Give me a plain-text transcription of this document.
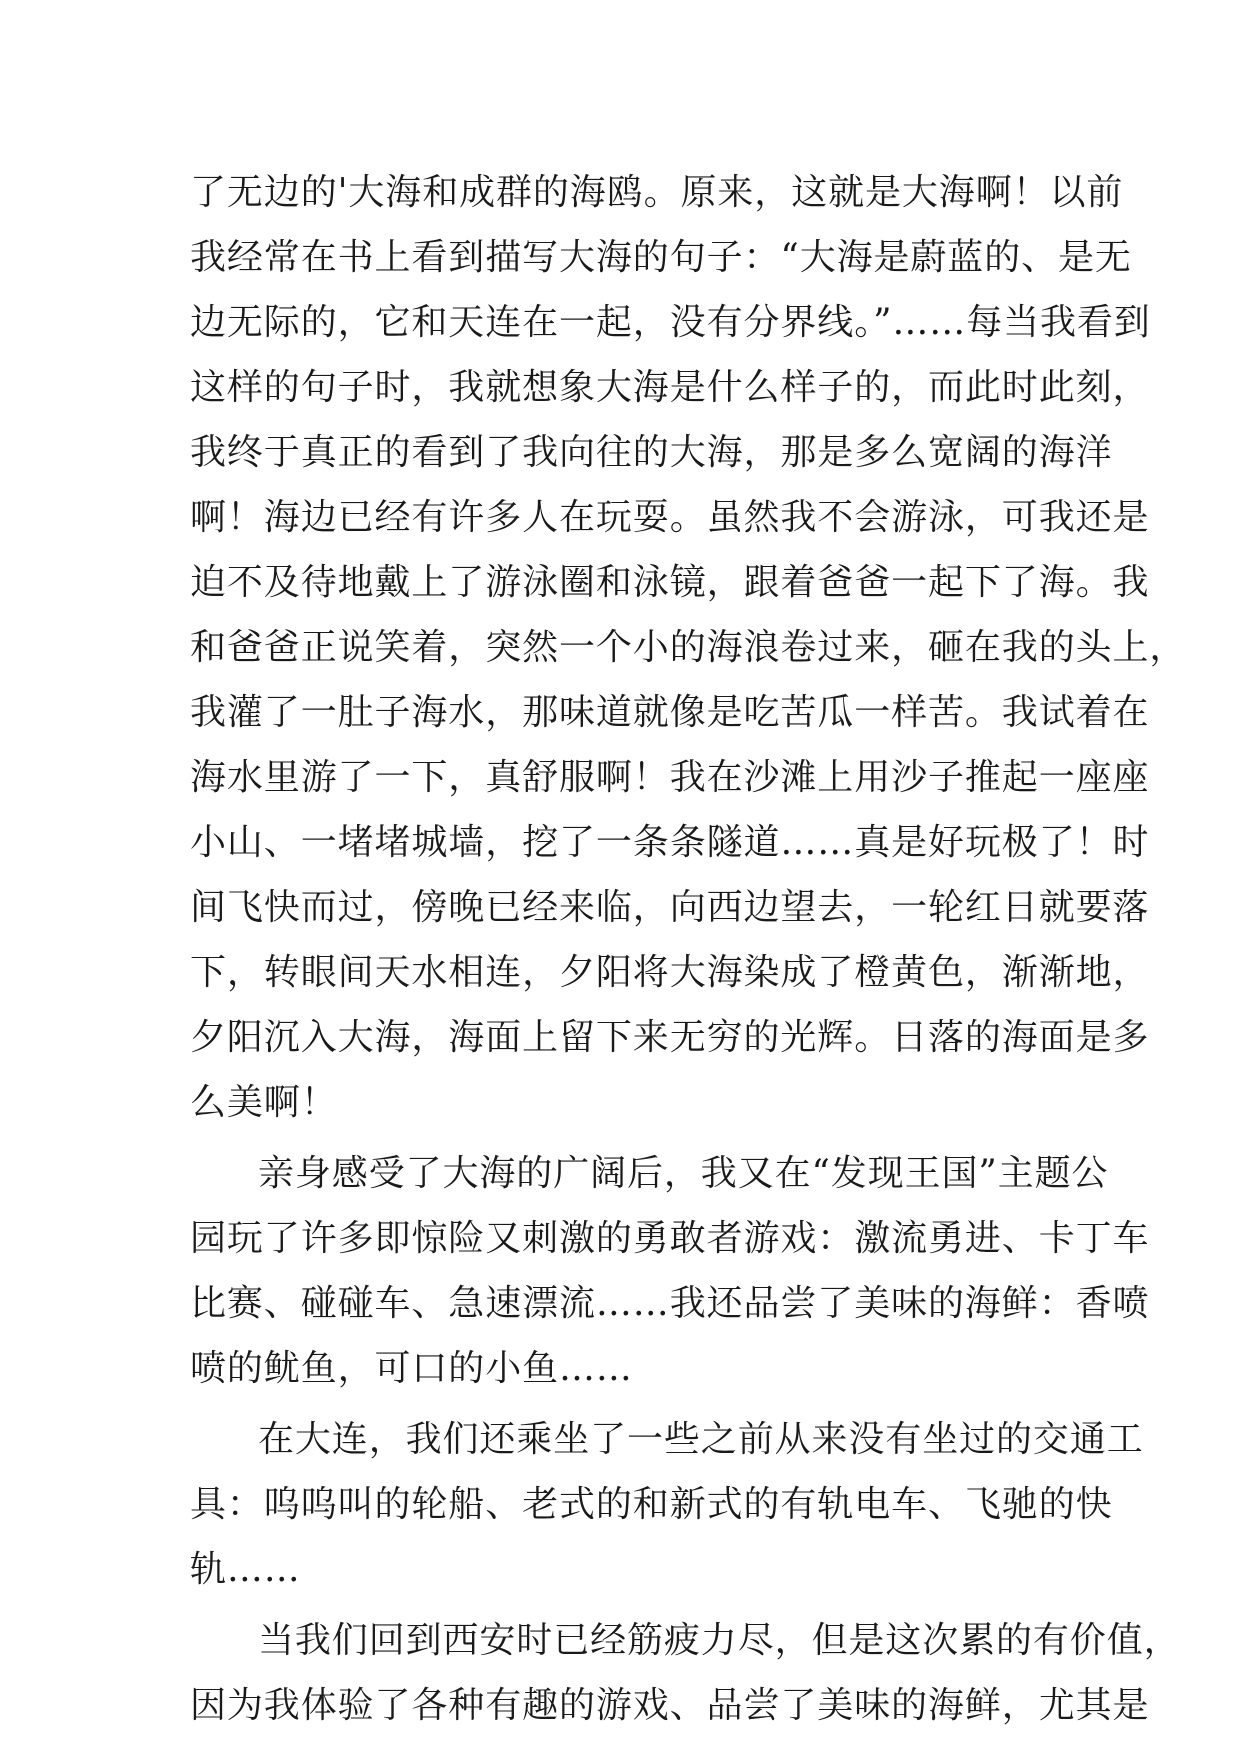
了无边的'大海和成群的海鸥。原来，这就是大海啊！以前
我经常在书上看到描写大海的句子：“大海是蔚蓝的、是无
边无际的，它和天连在一起，没有分界线。”……每当我看到
这样的句子时，我就想象大海是什么样子的，而此时此刻，
我终于真正的看到了我向往的大海，那是多么宽阔的海洋
啊！海边已经有许多人在玩耍。虽然我不会游泳，可我还是
迫不及待地戴上了游泳圈和泳镜，跟着爸爸一起下了海。我
和爸爸正说笑着，突然一个小的海浪卷过来，砸在我的头上，
我灌了一肚子海水，那味道就像是吃苦瓜一样苦。我试着在
海水里游了一下，真舒服啊！我在沙滩上用沙子推起一座座
小山、一堵堵城墙，挖了一条条隧道……真是好玩极了！时
间飞快而过，傍晚已经来临，向西边望去，一轮红日就要落
下，转眼间天水相连，夕阳将大海染成了橙黄色，渐渐地，
夕阳沉入大海，海面上留下来无穷的光辉。日落的海面是多
么美啊！
亲身感受了大海的广阔后，我又在“发现王国”主题公
园玩了许多即惊险又刺激的勇敢者游戏：激流勇进、卡丁车
比赛、碰碰车、急速漂流……我还品尝了美味的海鲜：香喷
喷的鱿鱼，可口的小鱼……
在大连，我们还乘坐了一些之前从来没有坐过的交通工
具：呜呜叫的轮船、老式的和新式的有轨电车、飞驰的快
轨……
当我们回到西安时已经筋疲力尽，但是这次累的有价值，
因为我体验了各种有趣的游戏、品尝了美味的海鲜，尤其是
